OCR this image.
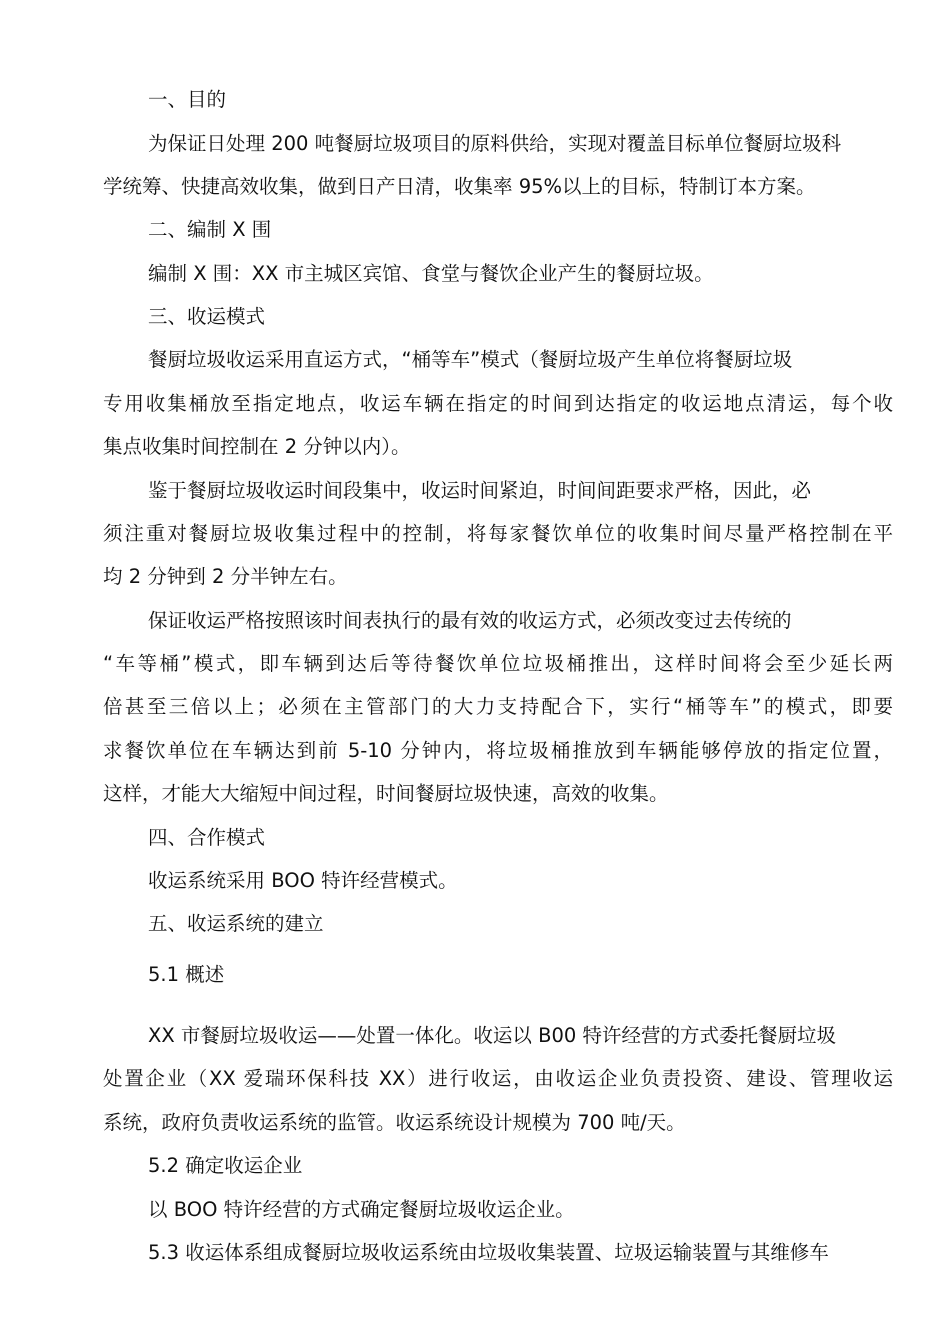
一、目的

为保证日处理 200 吨餐厨垃圾项目的原料供给，实现对覆盖目标单位餐厨垃圾科

学统筹、快捷高效收集，做到日产日清，收集率 95%以上的目标，特制订本方案。

二、编制 X 围

编制 X 围：XX 市主城区宾馆、食堂与餐饮企业产生的餐厨垃圾。

三、收运模式

餐厨垃圾收运采用直运方式，“桶等车”模式（餐厨垃圾产生单位将餐厨垃圾

专用收集桶放至指定地点，收运车辆在指定的时间到达指定的收运地点清运，每个收

集点收集时间控制在 2 分钟以内）。

鉴于餐厨垃圾收运时间段集中，收运时间紧迫，时间间距要求严格，因此，必

须注重对餐厨垃圾收集过程中的控制，将每家餐饮单位的收集时间尽量严格控制在平

均 2 分钟到 2 分半钟左右。

保证收运严格按照该时间表执行的最有效的收运方式，必须改变过去传统的

“车等桶”模式，即车辆到达后等待餐饮单位垃圾桶推出，这样时间将会至少延长两

倍甚至三倍以上；必须在主管部门的大力支持配合下，实行“桶等车”的模式，即要

求餐饮单位在车辆达到前 5-10 分钟内，将垃圾桶推放到车辆能够停放的指定位置，

这样，才能大大缩短中间过程，时间餐厨垃圾快速，高效的收集。

四、合作模式

收运系统采用 BOO 特许经营模式。

五、收运系统的建立

5.1 概述

XX 市餐厨垃圾收运——处置一体化。收运以 B00 特许经营的方式委托餐厨垃圾

处置企业（XX 爱瑞环保科技 XX）进行收运，由收运企业负责投资、建设、管理收运

系统，政府负责收运系统的监管。收运系统设计规模为 700 吨/天。

5.2 确定收运企业

以 BOO 特许经营的方式确定餐厨垃圾收运企业。

5.3 收运体系组成餐厨垃圾收运系统由垃圾收集装置、垃圾运输装置与其维修车
